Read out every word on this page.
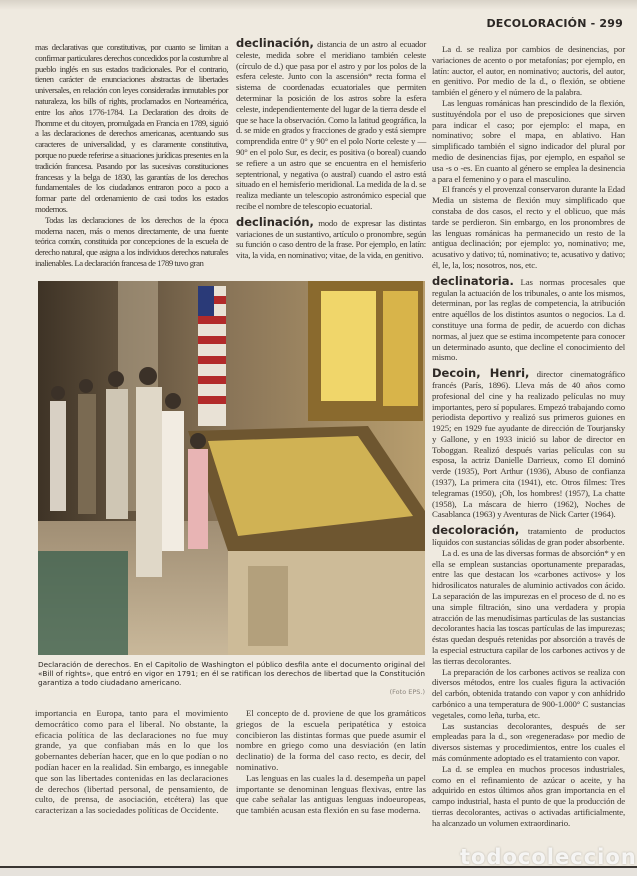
DECOLORACIÓN - 299

mas declarativas que constitutivas, por cuanto se limitan a confirmar particulares derechos concedidos por la costumbre al pueblo inglés en sus estados tradicionales. Por el contrario, tienen carácter de enunciaciones abstractas de libertades universales, en relación con leyes consideradas inmutables por naturaleza, los bills of rights, proclamados en Norteamérica, entre los años 1776-1784. La Declaration des droits de l'homme et du citoyen, promulgada en Francia en 1789, siguió a las declaraciones de derechos americanas, acentuando sus caracteres de universalidad, y es claramente constitutiva, porque no puede referirse a situaciones jurídicas presentes en la tradición francesa. Pasando por las sucesivas constituciones francesas y la belga de 1830, las garantías de los derechos fundamentales de los ciudadanos entraron poco a poco a formar parte del ordenamiento de casi todos los estados modernos.

Todas las declaraciones de los derechos de la época moderna nacen, más o menos directamente, de una fuente teórica común, constituida por concepciones de la escuela de derecho natural, que asigna a los individuos derechos naturales inalienables. La declaración francesa de 1789 tuvo gran

declinación, distancia de un astro al ecuador celeste, medida sobre el meridiano también celeste (círculo de d.) que pasa por el astro y por los polos de la esfera celeste. Junto con la ascensión* recta forma el sistema de coordenadas ecuatoriales que permiten determinar la posición de los astros sobre la esfera celeste, independientemente del lugar de la tierra desde el que se hace la observación. Como la latitud geográfica, la d. se mide en grados y fracciones de grado y está siempre comprendida entre 0° y 90° en el polo Norte celeste y —90° en el polo Sur, es decir, es positiva (o boreal) cuando se refiere a un astro que se encuentra en el hemisferio septentrional, y negativa (o austral) cuando el astro está situado en el hemisferio meridional. La medida de la d. se realiza mediante un telescopio astronómico especial que recibe el nombre de telescopio ecuatorial.

declinación, modo de expresar las distintas variaciones de un sustantivo, artículo o pronombre, según su función o caso dentro de la frase. Por ejemplo, en latín: vita, la vida, en nominativo; vitae, de la vida, en genitivo.

La d. se realiza por cambios de desinencias, por variaciones de acento o por metafonías; por ejemplo, en latín: auctor, el autor, en nominativo; auctoris, del autor, en genitivo. Por medio de la d., o flexión, se obtiene también el género y el número de la palabra.

Las lenguas románicas han prescindido de la flexión, sustituyéndola por el uso de preposiciones que sirven para indicar el caso; por ejemplo: el mapa, en nominativo; sobre el mapa, en ablativo. Han simplificado también el signo indicador del plural por medio de desinencias fijas, por ejemplo, en español se usa -s o -es. En cuanto al género se emplea la desinencia a para el femenino y o para el masculino.

El francés y el provenzal conservaron durante la Edad Media un sistema de flexión muy simplificado que constaba de dos casos, el recto y el oblicuo, que más tarde se perdieron. Sin embargo, en los pronombres de las lenguas románicas ha permanecido un resto de la antigua declinación; por ejemplo: yo, nominativo; me, acusativo y dativo; tú, nominativo; te, acusativo y dativo; él, le, la, los; nosotros, nos, etc.

declinatoria. Las normas procesales que regulan la actuación de los tribunales, o ante los mismos, determinan, por las reglas de competencia, la atribución entre aquéllos de los distintos asuntos o negocios. La d. constituye una forma de pedir, de acuerdo con dichas normas, al juez que se estima incompetente para conocer un determinado asunto, que decline el conocimiento del mismo.

Decoin, Henri, director cinematográfico francés (París, 1896). Lleva más de 40 años como profesional del cine y ha realizado películas no muy importantes, pero sí populares. Empezó trabajando como periodista deportivo y realizó sus primeros guiones en 1925; en 1929 fue ayudante de dirección de Tourjansky y Gallone, y en 1933 inició su labor de director en Toboggan. Realizó después varias películas con su esposa, la actriz Danielle Darrieux, como El dominó verde (1935), Port Arthur (1936), Abuso de confianza (1937), La primera cita (1941), etc. Otros filmes: Tres telegramas (1950), ¡Oh, los hombres! (1957), La chatte (1958), La máscara de hierro (1962), Noches de Casablanca (1963) y Aventuras de Nick Carter (1964).

decoloración, tratamiento de productos líquidos con sustancias sólidas de gran poder absorbente.

La d. es una de las diversas formas de absorción* y en ella se emplean sustancias oportunamente preparadas, entre las que destacan los «carbones activos» y los hidrosilicatos naturales de aluminio activados con ácido. La separación de las impurezas en el proceso de d. no es una simple filtración, sino una verdadera y propia atracción de las menudísimas partículas de las sustancias decolorantes hacia las toscas partículas de las impurezas; éstas quedan después retenidas por absorción a través de la especial estructura capilar de los carbones activos y de las tierras decolorantes.

La preparación de los carbones activos se realiza con diversos métodos, entre los cuales figura la activación del carbón, obtenida tratando con vapor y con anhídrido carbónico a una temperatura de 900-1.000° C sustancias vegetales, como leña, turba, etc.

Las sustancias decolorantes, después de ser empleadas para la d., son «regeneradas» por medio de diversos sistemas y procedimientos, entre los cuales el más comúnmente adoptado es el tratamiento con vapor.

La d. se emplea en muchos procesos industriales, como en el refinamiento de azúcar o aceite, y ha adquirido en estos últimos años gran importancia en el campo industrial, hasta el punto de que la producción de tierras decolorantes, activas o activadas artificialmente, ha alcanzado un volumen extraordinario.

Declaración de derechos. En el Capitolio de Washington el público desfila ante el documento original del «Bill of rights», que entró en vigor en 1791; en él se ratifican los derechos de libertad que la Constitución garantiza a todo ciudadano americano.
(Foto EPS.)

importancia en Europa, tanto para el movimiento democrático como para el liberal. No obstante, la eficacia política de las declaraciones no fue muy grande, ya que confiaban más en lo que los gobernantes deberían hacer, que en lo que podían o no podían hacer en la realidad. Sin embargo, es innegable que son las libertades contenidas en las declaraciones de derechos (libertad personal, de pensamiento, de culto, de prensa, de asociación, etcétera) las que caracterizan a las sociedades políticas de Occidente.

El concepto de d. proviene de que los gramáticos griegos de la escuela peripatética y estoica concibieron las distintas formas que puede asumir el nombre en griego como una desviación (en latín declinatio) de la forma del caso recto, es decir, del nominativo.

Las lenguas en las cuales la d. desempeña un papel importante se denominan lenguas flexivas, entre las que cabe señalar las antiguas lenguas indoeuropeas, que también acusan esta flexión en su fase moderna.

todocoleccion
